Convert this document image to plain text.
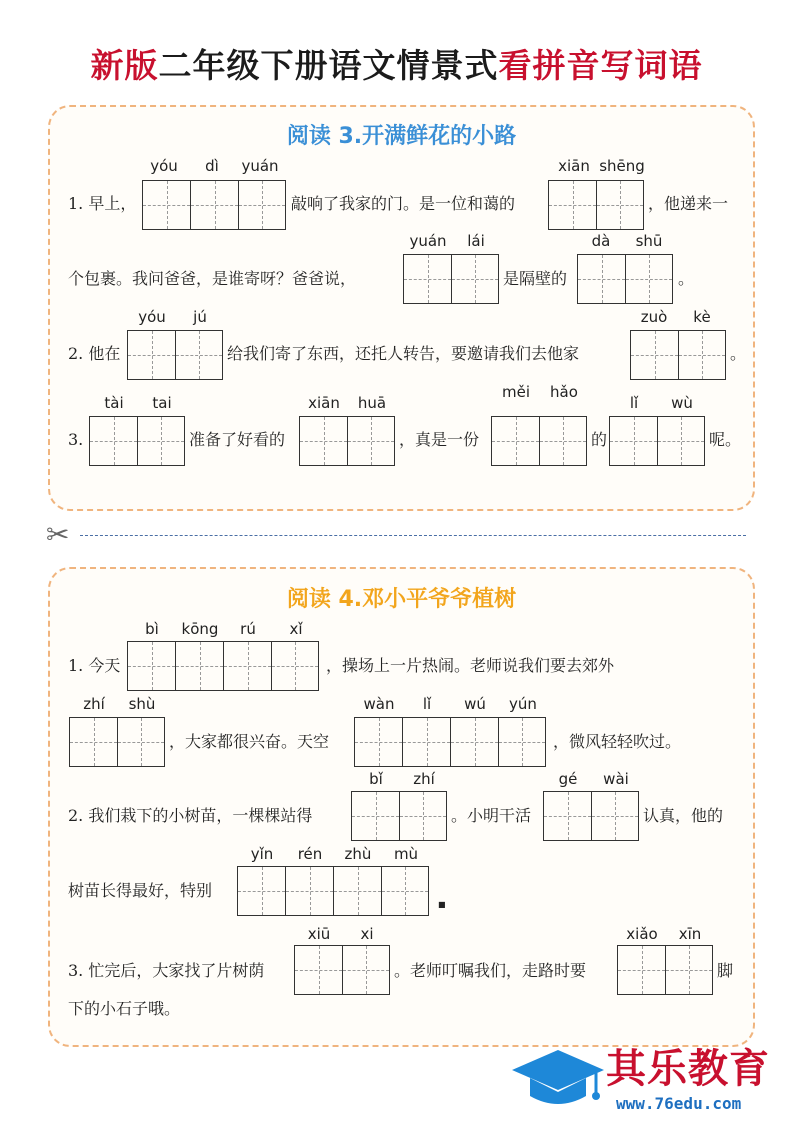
新版二年级下册语文情景式看拼音写词语
阅读 3.开满鲜花的小路
yóu	dì	yuán	xiān shēng
1. 早上，	敲响了我家的门。是一位和蔼的	，他递来一
yuán	lái	dà	shū
个包裹。我问爸爸，是谁寄呀？爸爸说，	是隔壁的	。
yóu	jú	zuò	kè
2. 他在	给我们寄了东西，还托人转告，要邀请我们去他家	。
tài	tai	xiān	huā
měi	hǎo
lǐ	wù
3.	准备了好看的	，真是一份	的	呢。
✂
阅读 4.邓小平爷爷植树
bì	kōng	rú	xǐ
1. 今天	，操场上一片热闹。老师说我们要去郊外
zhí	shù	wàn	lǐ	wú	yún
，大家都很兴奋。天空	，微风轻轻吹过。
bǐ	zhí	gé	wài
2. 我们栽下的小树苗，一棵棵站得	。小明干活	认真，他的
yǐn	rén	zhù	mù
树苗长得最好，特别
■
xiū	xi	xiǎo	xīn
3. 忙完后，大家找了片树荫	。老师叮嘱我们，走路时要	脚
下的小石子哦。
其乐教育
www.76edu.com
